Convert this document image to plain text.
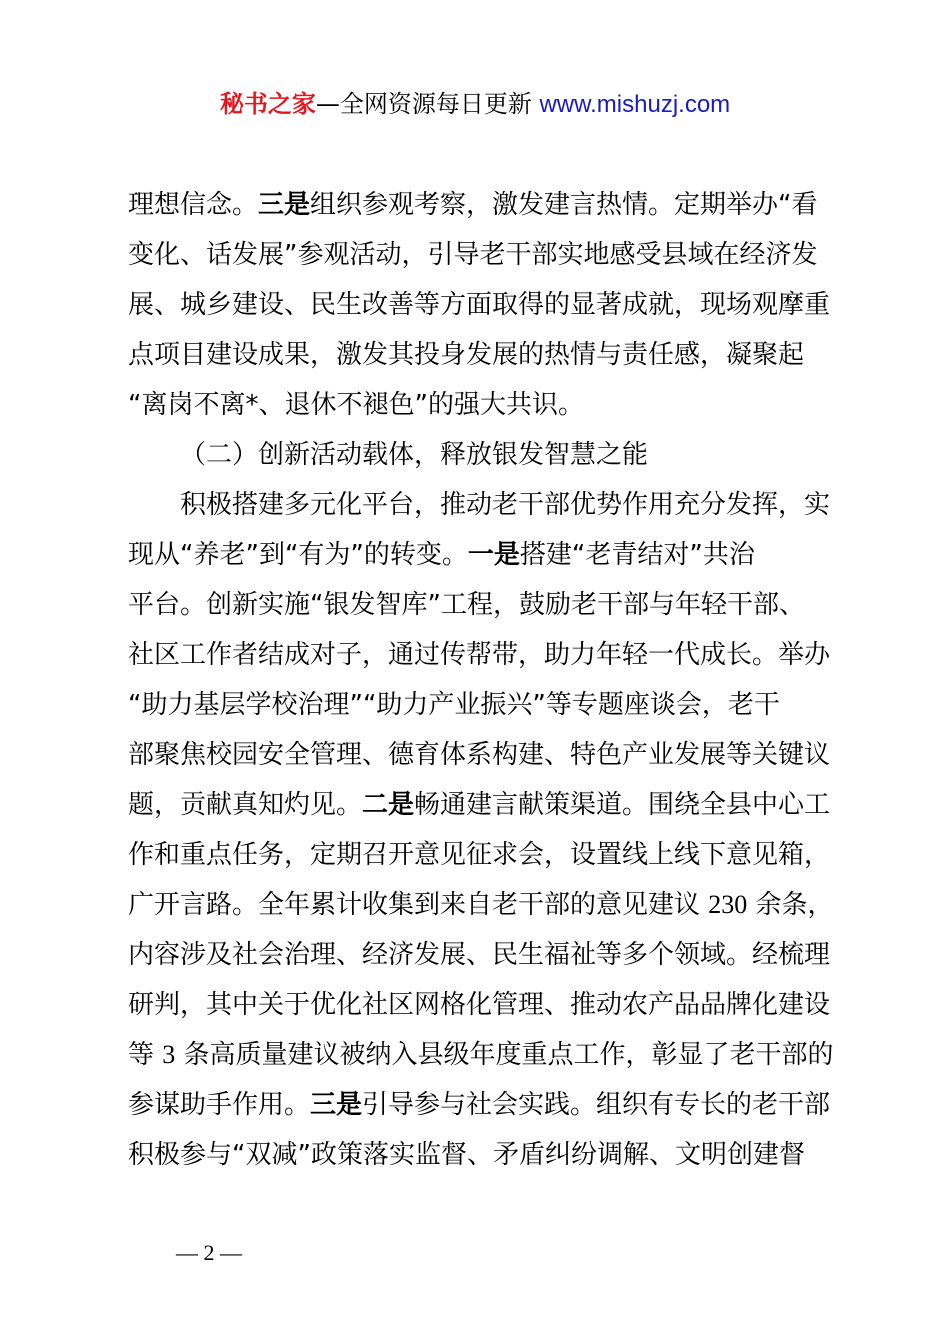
秘书之家—全网资源每日更新 www.mishuzj.com
理想信念。三是组织参观考察，激发建言热情。定期举办“看
变化、话发展”参观活动，引导老干部实地感受县域在经济发
展、城乡建设、民生改善等方面取得的显著成就，现场观摩重
点项目建设成果，激发其投身发展的热情与责任感，凝聚起
“离岗不离*、退休不褪色”的强大共识。
（二）创新活动载体，释放银发智慧之能
积极搭建多元化平台，推动老干部优势作用充分发挥，实
现从“养老”到“有为”的转变。一是搭建“老青结对”共治
平台。创新实施“银发智库”工程，鼓励老干部与年轻干部、
社区工作者结成对子，通过传帮带，助力年轻一代成长。举办
“助力基层学校治理”“助力产业振兴”等专题座谈会，老干
部聚焦校园安全管理、德育体系构建、特色产业发展等关键议
题，贡献真知灼见。二是畅通建言献策渠道。围绕全县中心工
作和重点任务，定期召开意见征求会，设置线上线下意见箱，
广开言路。全年累计收集到来自老干部的意见建议 230 余条，
内容涉及社会治理、经济发展、民生福祉等多个领域。经梳理
研判，其中关于优化社区网格化管理、推动农产品品牌化建设
等 3 条高质量建议被纳入县级年度重点工作，彰显了老干部的
参谋助手作用。三是引导参与社会实践。组织有专长的老干部
积极参与“双减”政策落实监督、矛盾纠纷调解、文明创建督
— 2 —
